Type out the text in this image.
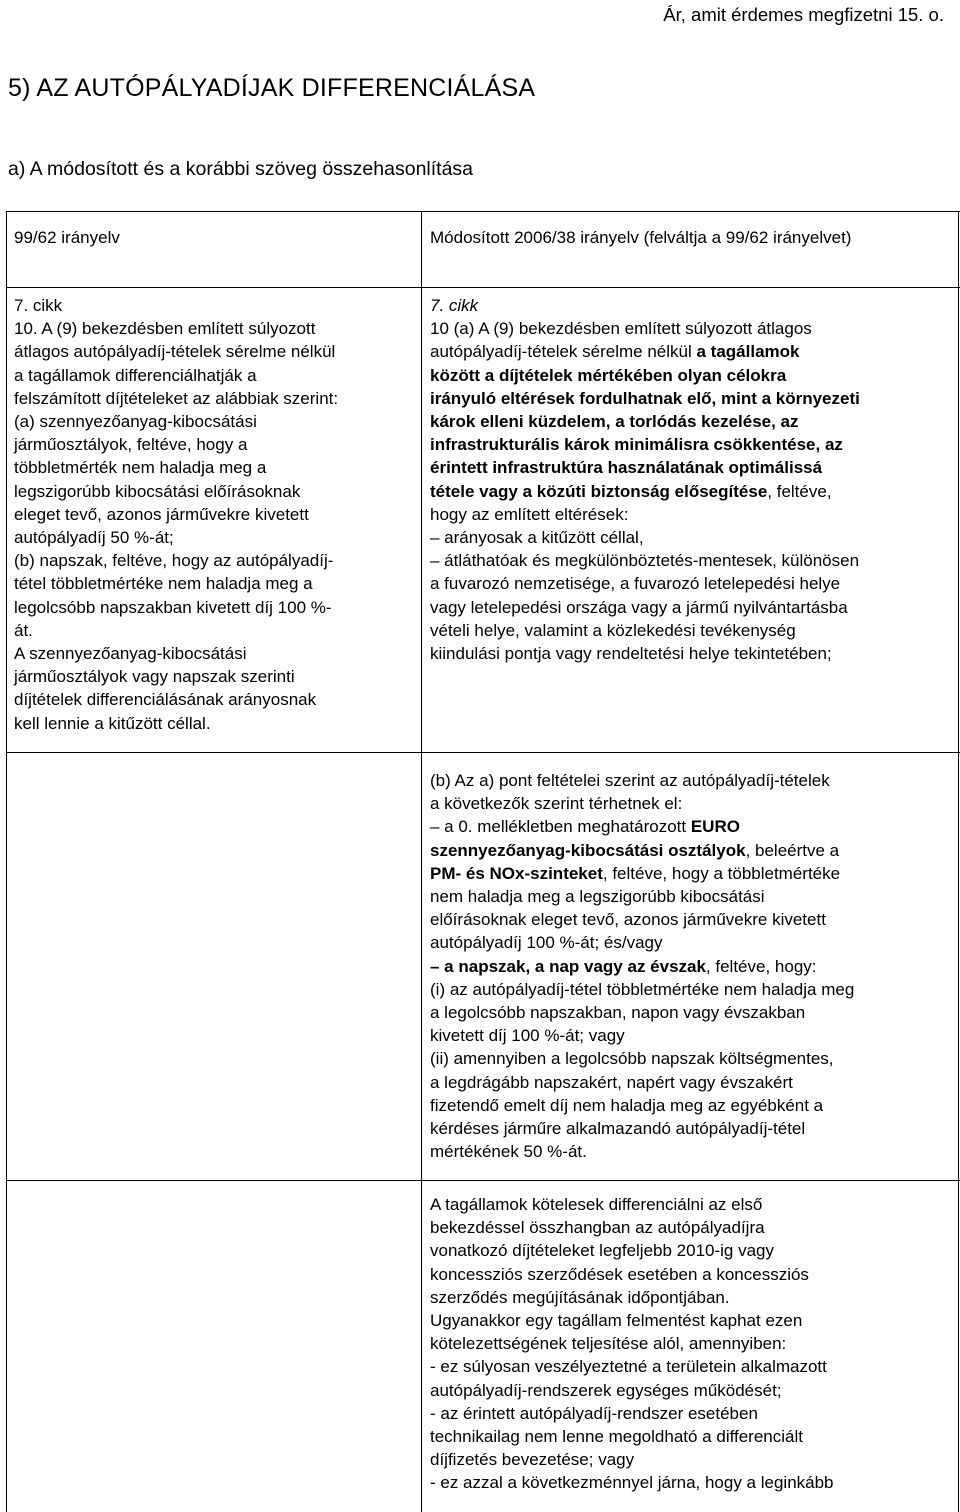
Ár, amit érdemes megfizetni 15. o.
5) AZ AUTÓPÁLYADÍJAK DIFFERENCIÁLÁSA
a) A módosított és a korábbi szöveg összehasonlítása
99/62 irányelv	Módosított 2006/38 irányelv (felváltja a 99/62 irányelvet)
7. cikk
10. A (9) bekezdésben említett súlyozott
átlagos autópályadíj-tételek sérelme nélkül
a tagállamok differenciálhatják a
felszámított díjtételeket az alábbiak szerint:
(a) szennyezőanyag-kibocsátási
járműosztályok, feltéve, hogy a
többletmérték nem haladja meg a
legszigorúbb kibocsátási előírásoknak
eleget tevő, azonos járművekre kivetett
autópályadíj 50 %-át;
(b) napszak, feltéve, hogy az autópályadíj-
tétel többletmértéke nem haladja meg a
legolcsóbb napszakban kivetett díj 100 %-
át.
A szennyezőanyag-kibocsátási
járműosztályok vagy napszak szerinti
díjtételek differenciálásának arányosnak
kell lennie a kitűzött céllal.
7. cikk
10 (a) A (9) bekezdésben említett súlyozott átlagos
autópályadíj-tételek sérelme nélkül a tagállamok
között a díjtételek mértékében olyan célokra
irányuló eltérések fordulhatnak elő, mint a környezeti
károk elleni küzdelem, a torlódás kezelése, az
infrastrukturális károk minimálisra csökkentése, az
érintett infrastruktúra használatának optimálissá
tétele vagy a közúti biztonság elősegítése, feltéve,
hogy az említett eltérések:
– arányosak a kitűzött céllal,
– átláthatóak és megkülönböztetés-mentesek, különösen
a fuvarozó nemzetisége, a fuvarozó letelepedési helye
vagy letelepedési országa vagy a jármű nyilvántartásba
vételi helye, valamint a közlekedési tevékenység
kiindulási pontja vagy rendeltetési helye tekintetében;
(b) Az a) pont feltételei szerint az autópályadíj-tételek
a következők szerint térhetnek el:
– a 0. mellékletben meghatározott EURO
szennyezőanyag-kibocsátási osztályok, beleértve a
PM- és NOx-szinteket, feltéve, hogy a többletmértéke
nem haladja meg a legszigorúbb kibocsátási
előírásoknak eleget tevő, azonos járművekre kivetett
autópályadíj 100 %-át; és/vagy
– a napszak, a nap vagy az évszak, feltéve, hogy:
(i) az autópályadíj-tétel többletmértéke nem haladja meg
a legolcsóbb napszakban, napon vagy évszakban
kivetett díj 100 %-át; vagy
(ii) amennyiben a legolcsóbb napszak költségmentes,
a legdrágább napszakért, napért vagy évszakért
fizetendő emelt díj nem haladja meg az egyébként a
kérdéses járműre alkalmazandó autópályadíj-tétel
mértékének 50 %-át.
A tagállamok kötelesek differenciálni az első
bekezdéssel összhangban az autópályadíjra
vonatkozó díjtételeket legfeljebb 2010-ig vagy
koncessziós szerződések esetében a koncessziós
szerződés megújításának időpontjában.
Ugyanakkor egy tagállam felmentést kaphat ezen
kötelezettségének teljesítése alól, amennyiben:
- ez súlyosan veszélyeztetné a területein alkalmazott
autópályadíj-rendszerek egységes működését;
- az érintett autópályadíj-rendszer esetében
technikailag nem lenne megoldható a differenciált
díjfizetés bevezetése; vagy
- ez azzal a következménnyel járna, hogy a leginkább
